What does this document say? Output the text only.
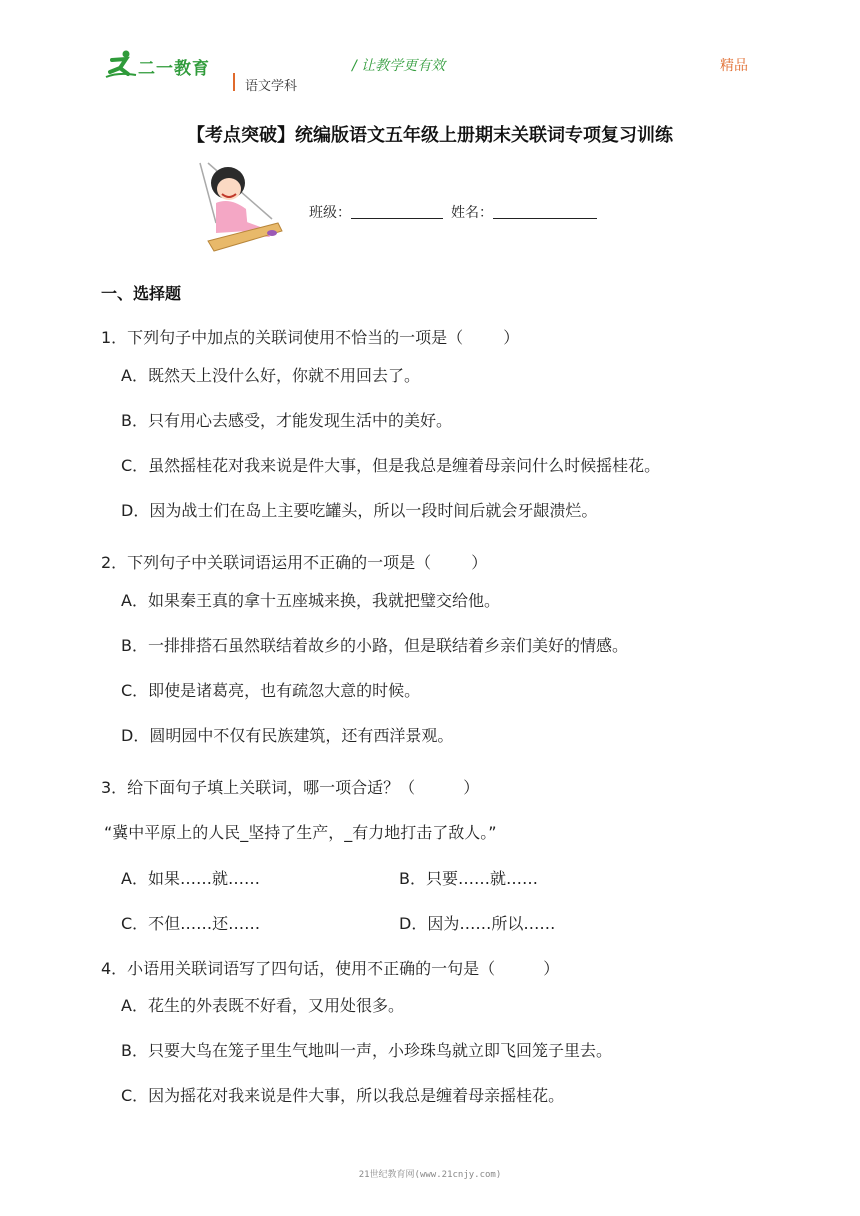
二一教育
语文学科
/ 让教学更有效	精品
【考点突破】统编版语文五年级上册期末关联词专项复习训练
班级：	姓名：
一、选择题
1．下列句子中加点的关联词使用不恰当的一项是（	）
A．既然天上没什么好，你就不用回去了。
B．只有用心去感受，才能发现生活中的美好。
C．虽然摇桂花对我来说是件大事，但是我总是缠着母亲问什么时候摇桂花。
D．因为战士们在岛上主要吃罐头，所以一段时间后就会牙龈溃烂。
2．下列句子中关联词语运用不正确的一项是（	）
A．如果秦王真的拿十五座城来换，我就把璧交给他。
B．一排排搭石虽然联结着故乡的小路，但是联结着乡亲们美好的情感。
C．即使是诸葛亮，也有疏忽大意的时候。
D．圆明园中不仅有民族建筑，还有西洋景观。
3．给下面句子填上关联词，哪一项合适？（	）
“冀中平原上的人民_坚持了生产，_有力地打击了敌人。”
A．如果……就……	B．只要……就……
C．不但……还……	D．因为……所以……
4．小语用关联词语写了四句话，使用不正确的一句是（	）
A．花生的外表既不好看，又用处很多。
B．只要大鸟在笼子里生气地叫一声，小珍珠鸟就立即飞回笼子里去。
C．因为摇花对我来说是件大事，所以我总是缠着母亲摇桂花。
21世纪教育网(www.21cnjy.com)
